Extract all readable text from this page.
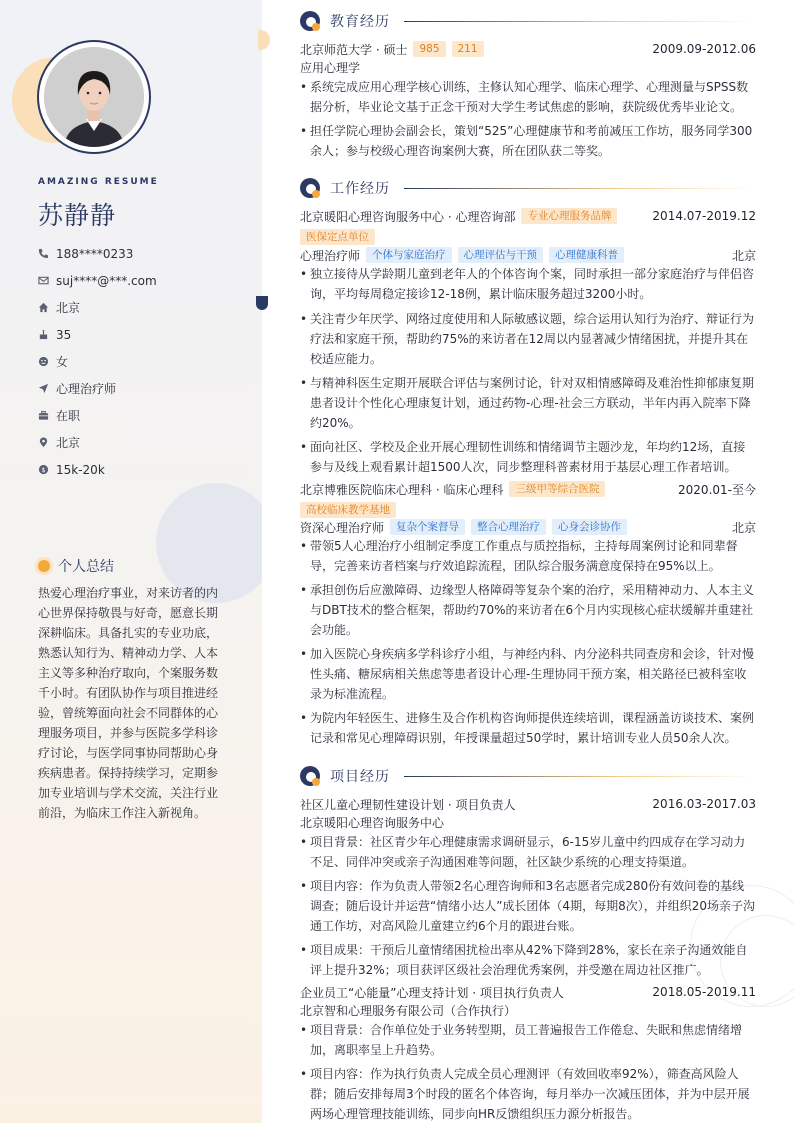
AMAZING RESUME
苏静静
188****0233
suj****@***.com
北京
35
女
心理治疗师
在职
北京
$ 15k-20k
个人总结
热爱心理治疗事业，对来访者的内心世界保持敬畏与好奇，愿意长期深耕临床。具备扎实的专业功底，熟悉认知行为、精神动力学、人本主义等多种治疗取向，个案服务数千小时。有团队协作与项目推进经验，曾统筹面向社会不同群体的心理服务项目，并参与医院多学科诊疗讨论，与医学同事协同帮助心身疾病患者。保持持续学习，定期参加专业培训与学术交流，关注行业前沿，为临床工作注入新视角。
教育经历
北京师范大学 · 硕士	985	211	2009.09-2012.06
应用心理学
• 系统完成应用心理学核心训练，主修认知心理学、临床心理学、心理测量与SPSS数据分析，毕业论文基于正念干预对大学生考试焦虑的影响，获院级优秀毕业论文。
• 担任学院心理协会副会长，策划“525”心理健康节和考前减压工作坊，服务同学300余人；参与校级心理咨询案例大赛，所在团队获二等奖。
工作经历
北京暖阳心理咨询服务中心 · 心理咨询部	专业心理服务品牌	2014.07-2019.12
医保定点单位
心理治疗师	个体与家庭治疗	心理评估与干预	心理健康科普	北京
• 独立接待从学龄期儿童到老年人的个体咨询个案，同时承担一部分家庭治疗与伴侣咨询，平均每周稳定接诊12-18例，累计临床服务超过3200小时。
• 关注青少年厌学、网络过度使用和人际敏感议题，综合运用认知行为治疗、辩证行为疗法和家庭干预，帮助约75%的来访者在12周以内显著减少情绪困扰，并提升其在校适应能力。
• 与精神科医生定期开展联合评估与案例讨论，针对双相情感障碍及难治性抑郁康复期患者设计个性化心理康复计划，通过药物-心理-社会三方联动，半年内再入院率下降约20%。
• 面向社区、学校及企业开展心理韧性训练和情绪调节主题沙龙，年均约12场，直接参与及线上观看累计超1500人次，同步整理科普素材用于基层心理工作者培训。
北京博雅医院临床心理科 · 临床心理科	三级甲等综合医院	2020.01-至今
高校临床教学基地
资深心理治疗师	复杂个案督导	整合心理治疗	心身会诊协作	北京
• 带领5人心理治疗小组制定季度工作重点与质控指标，主持每周案例讨论和同辈督导，完善来访者档案与疗效追踪流程，团队综合服务满意度保持在95%以上。
• 承担创伤后应激障碍、边缘型人格障碍等复杂个案的治疗，采用精神动力、人本主义与DBT技术的整合框架，帮助约70%的来访者在6个月内实现核心症状缓解并重建社会功能。
• 加入医院心身疾病多学科诊疗小组，与神经内科、内分泌科共同查房和会诊，针对慢性头痛、糖尿病相关焦虑等患者设计心理-生理协同干预方案，相关路径已被科室收录为标准流程。
• 为院内年轻医生、进修生及合作机构咨询师提供连续培训，课程涵盖访谈技术、案例记录和常见心理障碍识别，年授课量超过50学时，累计培训专业人员50余人次。
项目经历
社区儿童心理韧性建设计划 · 项目负责人	2016.03-2017.03
北京暖阳心理咨询服务中心
• 项目背景：社区青少年心理健康需求调研显示，6-15岁儿童中约四成存在学习动力不足、同伴冲突或亲子沟通困难等问题，社区缺少系统的心理支持渠道。
• 项目内容：作为负责人带领2名心理咨询师和3名志愿者完成280份有效问卷的基线调查；随后设计并运营“情绪小达人”成长团体（4期，每期8次），并组织20场亲子沟通工作坊，对高风险儿童建立约6个月的跟进台账。
• 项目成果：干预后儿童情绪困扰检出率从42%下降到28%，家长在亲子沟通效能自评上提升32%；项目获评区级社会治理优秀案例，并受邀在周边社区推广。
企业员工“心能量”心理支持计划 · 项目执行负责人	2018.05-2019.11
北京智和心理服务有限公司（合作执行）
• 项目背景：合作单位处于业务转型期，员工普遍报告工作倦怠、失眠和焦虑情绪增加，离职率呈上升趋势。
• 项目内容：作为执行负责人完成全员心理测评（有效回收率92%），筛查高风险人群；随后安排每周3个时段的匿名个体咨询，每月举办一次减压团体，并为中层开展两场心理管理技能训练，同步向HR反馈组织压力源分析报告。
